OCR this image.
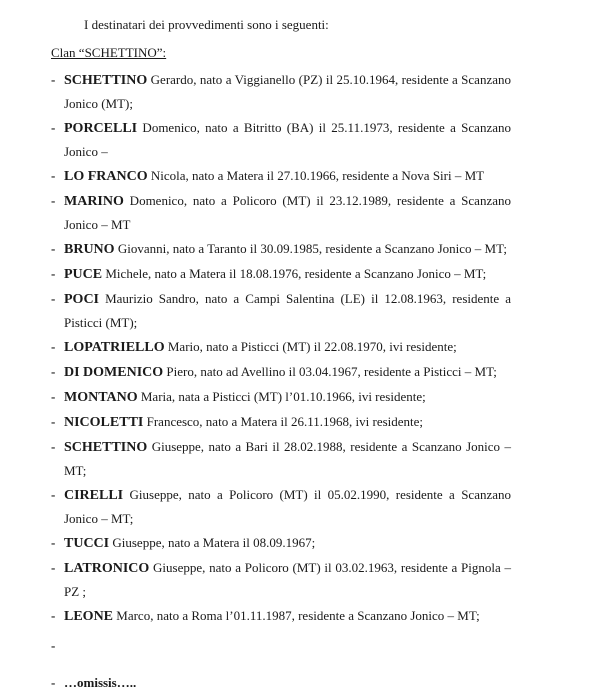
I destinatari dei provvedimenti sono i seguenti:
Clan “SCHETTINO”:
- SCHETTINO Gerardo, nato a Viggianello (PZ) il 25.10.1964, residente a Scanzano Jonico (MT);
- PORCELLI Domenico, nato a Bitritto (BA) il 25.11.1973, residente a Scanzano Jonico –
- LO FRANCO Nicola, nato a Matera il 27.10.1966, residente a Nova Siri – MT
- MARINO Domenico, nato a Policoro (MT) il 23.12.1989, residente a Scanzano Jonico – MT
- BRUNO Giovanni, nato a Taranto il 30.09.1985, residente a Scanzano Jonico – MT;
- PUCE Michele, nato a Matera il 18.08.1976, residente a Scanzano Jonico – MT;
- POCI Maurizio Sandro, nato a Campi Salentina (LE) il 12.08.1963, residente a Pisticci (MT);
- LOPATRIELLO Mario, nato a Pisticci (MT) il 22.08.1970, ivi residente;
- DI DOMENICO Piero, nato ad Avellino il 03.04.1967, residente a Pisticci – MT;
- MONTANO Maria, nata a Pisticci (MT) l’01.10.1966, ivi residente;
- NICOLETTI Francesco, nato a Matera il 26.11.1968, ivi residente;
- SCHETTINO Giuseppe, nato a Bari il 28.02.1988, residente a Scanzano Jonico – MT;
- CIRELLI Giuseppe, nato a Policoro (MT) il 05.02.1990, residente a Scanzano Jonico – MT;
- TUCCI Giuseppe, nato a Matera il 08.09.1967;
- LATRONICO Giuseppe, nato a Policoro (MT) il 03.02.1963, residente a Pignola – PZ ;
- LEONE Marco, nato a Roma l’01.11.1987, residente a Scanzano Jonico – MT;
-
- …omissis…..
